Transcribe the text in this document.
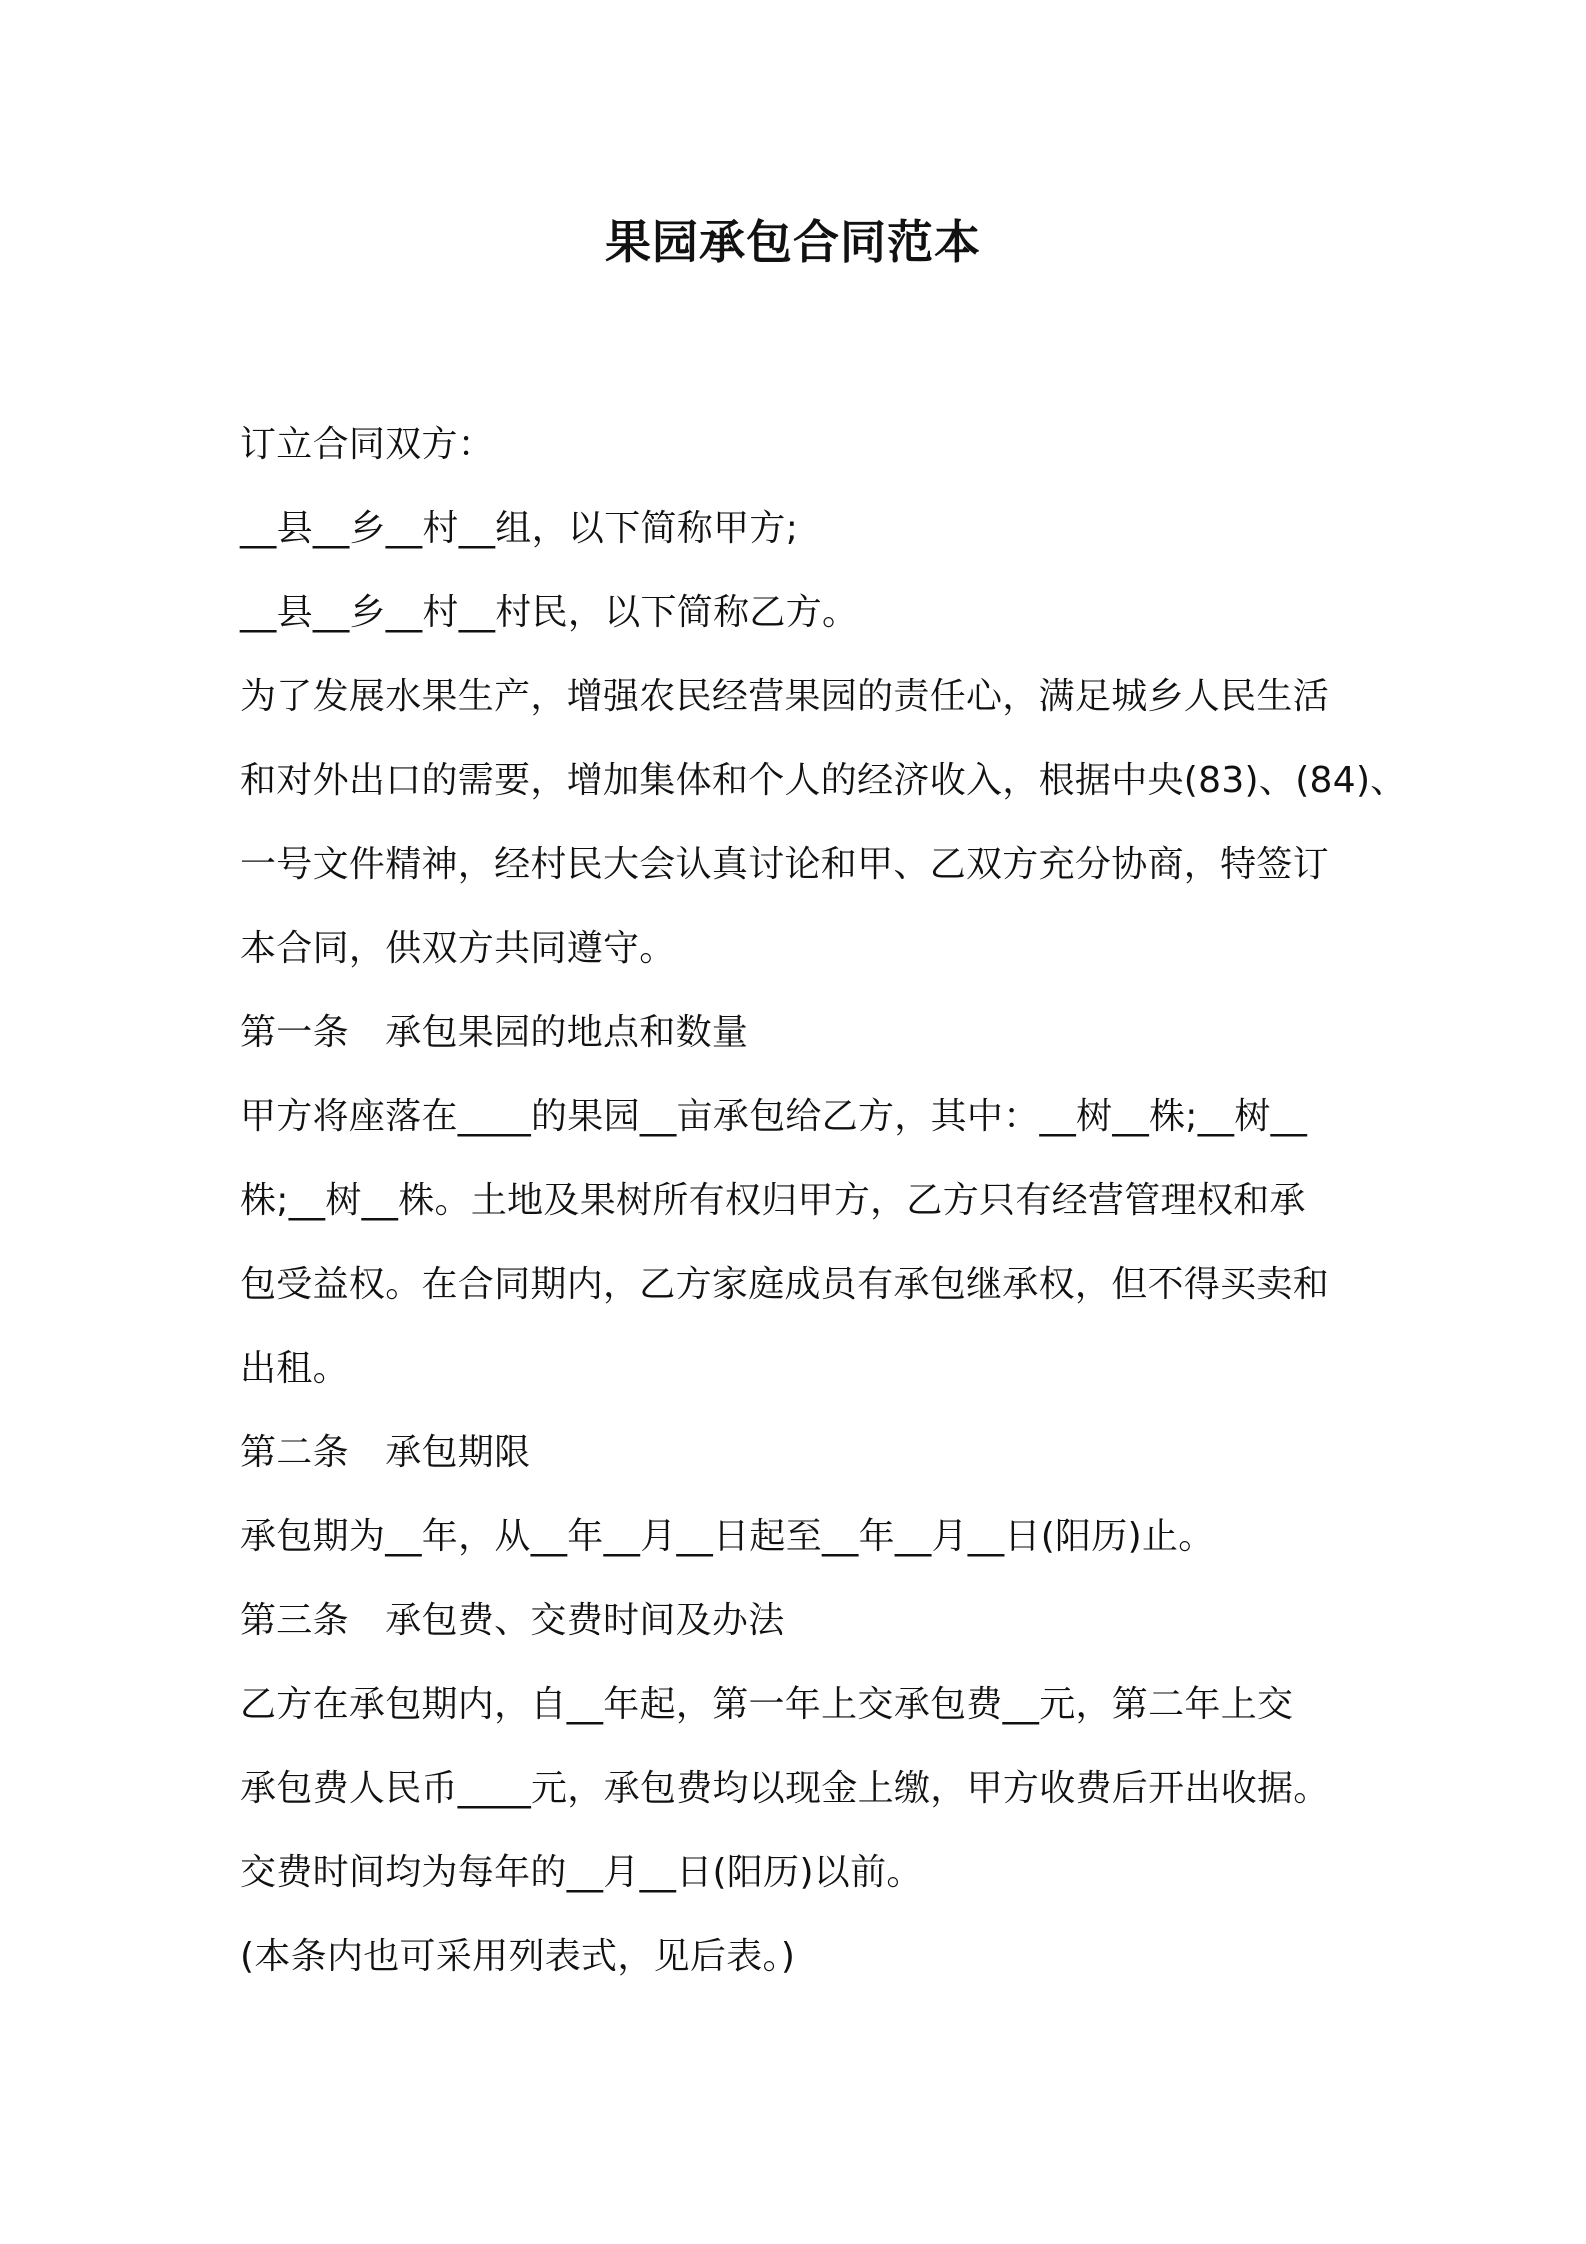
果园承包合同范本
订立合同双方：
__县__乡__村__组，以下简称甲方;
__县__乡__村__村民，以下简称乙方。
为了发展水果生产，增强农民经营果园的责任心，满足城乡人民生活
和对外出口的需要，增加集体和个人的经济收入，根据中央(83)、(84)、
一号文件精神，经村民大会认真讨论和甲、乙双方充分协商，特签订
本合同，供双方共同遵守。
第一条　承包果园的地点和数量
甲方将座落在____的果园__亩承包给乙方，其中：__树__株;__树__
株;__树__株。土地及果树所有权归甲方，乙方只有经营管理权和承
包受益权。在合同期内，乙方家庭成员有承包继承权，但不得买卖和
出租。
第二条　承包期限
承包期为__年，从__年__月__日起至__年__月__日(阳历)止。
第三条　承包费、交费时间及办法
乙方在承包期内，自__年起，第一年上交承包费__元，第二年上交
承包费人民币____元，承包费均以现金上缴，甲方收费后开出收据。
交费时间均为每年的__月__日(阳历)以前。
(本条内也可采用列表式，见后表。)
